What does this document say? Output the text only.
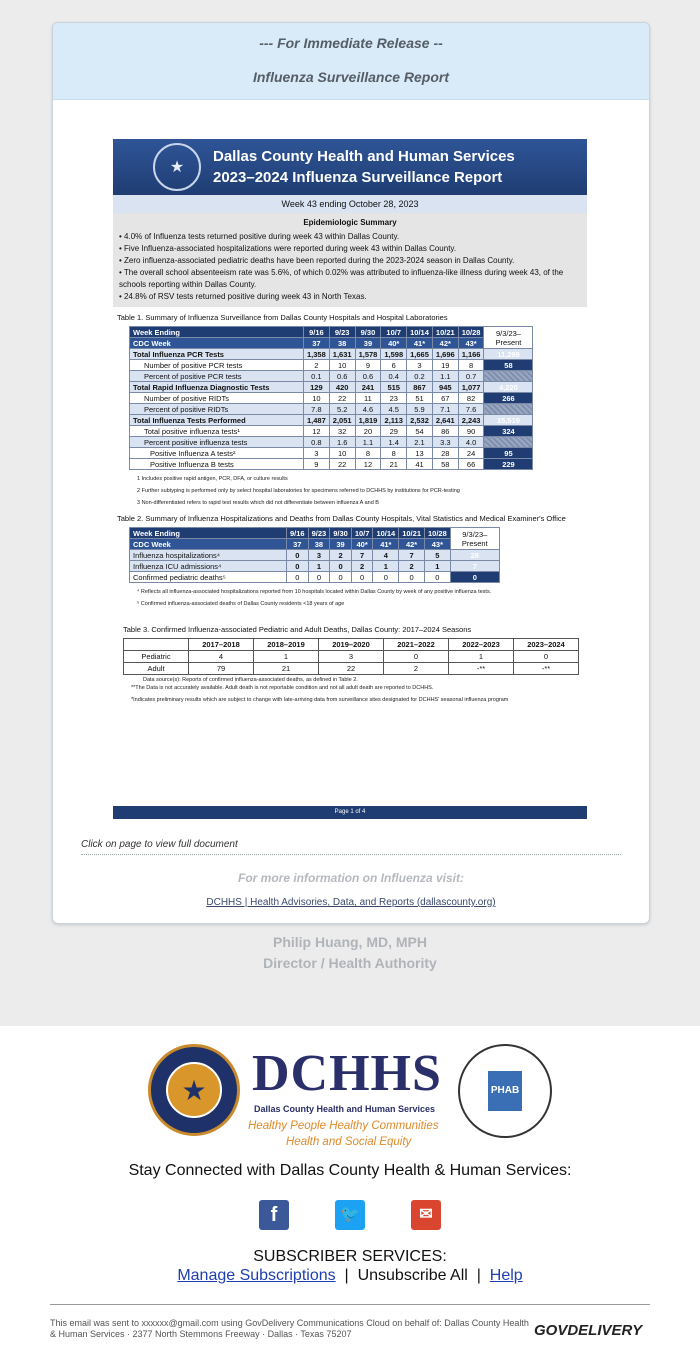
--- For Immediate Release --
Influenza Surveillance Report
★
Dallas County Health and Human Services
2023–2024 Influenza Surveillance Report
Week 43 ending October 28, 2023
Epidemiologic Summary
• 4.0% of Influenza tests returned positive during week 43 within Dallas County.
• Five Influenza-associated hospitalizations were reported during week 43 within Dallas County.
• Zero influenza-associated pediatric deaths have been reported during the 2023-2024 season in Dallas County.
• The overall school absenteeism rate was 5.6%, of which 0.02% was attributed to influenza-like illness during week 43, of the schools reporting within Dallas County.
• 24.8% of RSV tests returned positive during week 43 in North Texas.
Table 1. Summary of Influenza Surveillance from Dallas County Hospitals and Hospital Laboratories
Week Ending	9/16	9/23	9/30	10/7	10/14	10/21	10/28	9/3/23–
Present

CDC Week	37	38	39	40*	41*	42*	43*	
Total Influenza PCR Tests	1,358	1,631	1,578	1,598	1,665	1,696	1,166	11,299
Number of positive PCR tests	2	10	9	6	3	19	8	58
Percent of positive PCR tests	0.1	0.6	0.6	0.4	0.2	1.1	0.7	
Total Rapid Influenza Diagnostic Tests	129	420	241	515	867	945	1,077	4,220
Number of positive RIDTs	10	22	11	23	51	67	82	266
Percent of positive RIDTs	7.8	5.2	4.6	4.5	5.9	7.1	7.6	
Total Influenza Tests Performed	1,487	2,051	1,819	2,113	2,532	2,641	2,243	15,519
Total positive influenza tests¹	12	32	20	29	54	86	90	324
Percent positive influenza tests	0.8	1.6	1.1	1.4	2.1	3.3	4.0	
Positive Influenza A tests²	3	10	8	8	13	28	24	95
Positive Influenza B tests	9	22	12	21	41	58	66	229
1 Includes positive rapid antigen, PCR, DFA, or culture results
2 Further subtyping is performed only by select hospital laboratories for specimens referred to DCHHS by institutions for PCR-testing
3 Non-differentiated refers to rapid test results which did not differentiate between influenza A and B
Table 2. Summary of Influenza Hospitalizations and Deaths from Dallas County Hospitals, Vital Statistics and Medical Examiner's Office
Week Ending	9/16	9/23	9/30	10/7	10/14	10/21	10/28	9/3/23–
Present

CDC Week	37	38	39	40*	41*	42*	43*	
Influenza hospitalizations⁴	0	3	2	7	4	7	5	28
Influenza ICU admissions⁴	0	1	0	2	1	2	1	7
Confirmed pediatric deaths⁵	0	0	0	0	0	0	0	0
⁴ Reflects all influenza-associated hospitalizations reported from 10 hospitals located within Dallas County by week of any positive influenza tests.
⁵ Confirmed influenza-associated deaths of Dallas County residents <18 years of age
Table 3. Confirmed Influenza-associated Pediatric and Adult Deaths, Dallas County: 2017–2024 Seasons
	2017–2018	2018–2019	2019–2020	2021–2022	2022–2023	2023–2024
Pediatric	4	1	3	0	1	0
Adult	79	21	22	2	-**	-**
Data source(s): Reports of confirmed influenza-associated deaths, as defined in Table 2.
**The Data is not accurately available. Adult death is not reportable condition and not all adult death are reported to DCHHS.
*Indicates preliminary results which are subject to change with late-arriving data from surveillance sites designated for DCHHS' seasonal influenza program
Page 1 of 4
Click on page to view full document
For more information on Influenza visit:
DCHHS | Health Advisories, Data, and Reports (dallascounty.org)
Philip Huang, MD, MPH
Director / Health Authority
★ DCHHS
Dallas County Health and Human Services
Healthy People Healthy Communities
Health and Social Equity
PHAB
Stay Connected with Dallas County Health & Human Services:
f	🐦	✉
SUBSCRIBER SERVICES:
Manage Subscriptions  |  Unsubscribe All  |  Help
This email was sent to xxxxxx@gmail.com using GovDelivery Communications Cloud on behalf of: Dallas County Health & Human Services · 2377 North Stemmons Freeway · Dallas · Texas 75207	GOVDELIVERY
